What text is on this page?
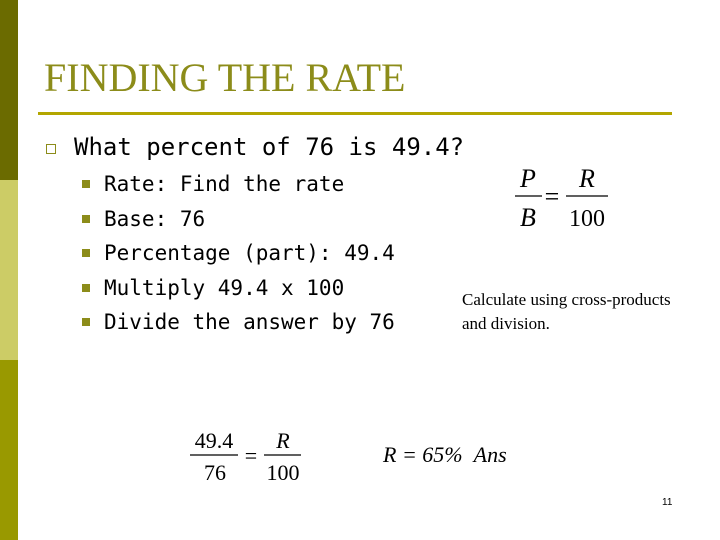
FINDING THE RATE
What percent of 76 is 49.4?
Rate: Find the rate
Base: 76
Percentage (part): 49.4
Multiply 49.4 x 100
Divide the answer by 76
P
B
=
R
100
Calculate using cross-products and division.
49.4
76
=
R
100
R = 65% Ans
11
